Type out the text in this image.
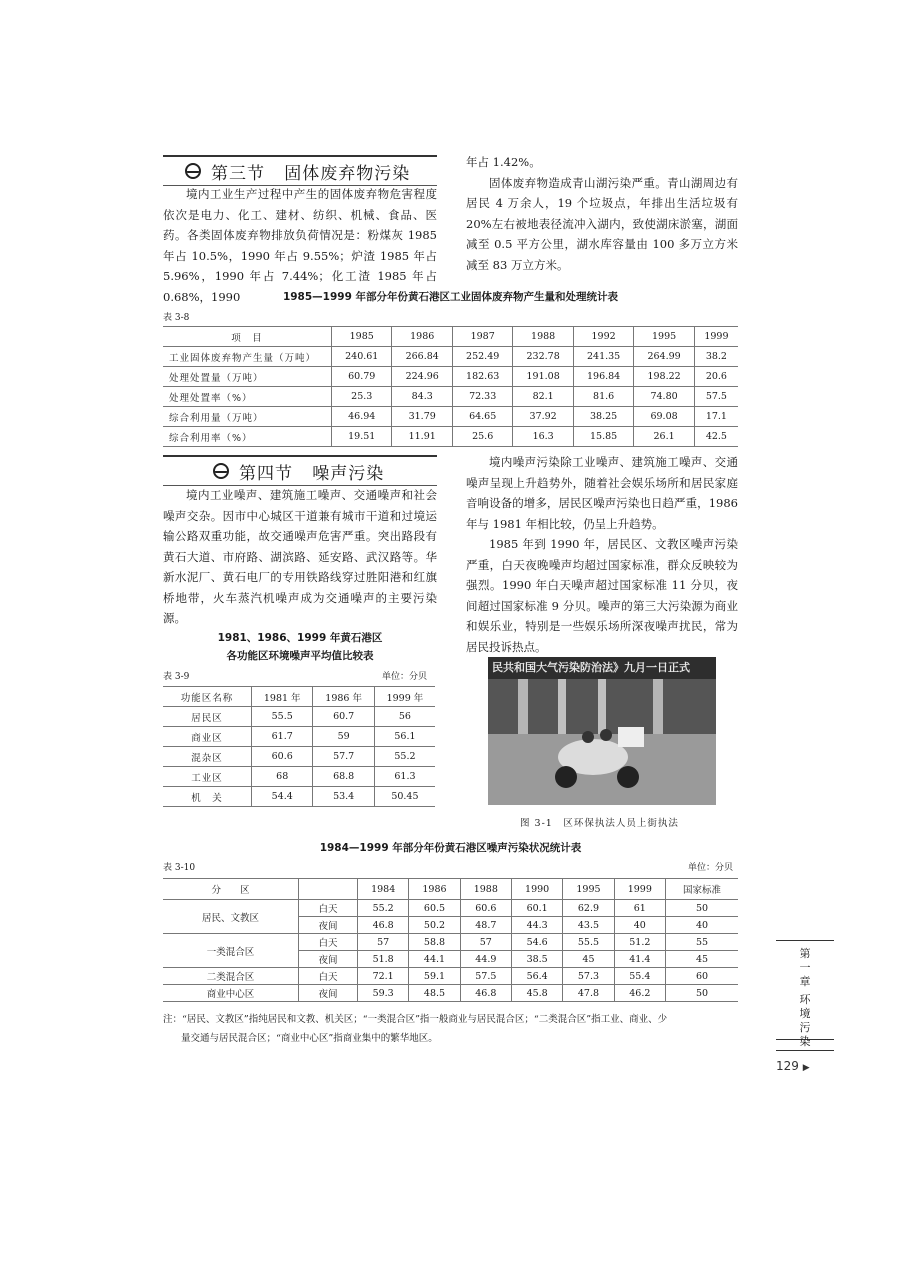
第三节   固体废弃物污染

境内工业生产过程中产生的固体废弃物危害程度依次是电力、化工、建材、纺织、机械、食品、医药。各类固体废弃物排放负荷情况是：粉煤灰 1985 年占 10.5%，1990 年占 9.55%；炉渣 1985 年占 5.96%，1990 年占 7.44%；化工渣 1985 年占 0.68%，1990

年占 1.42%。

固体废弃物造成青山湖污染严重。青山湖周边有居民 4 万余人，19 个垃圾点，年排出生活垃圾有 20%左右被地表径流冲入湖内，致使湖床淤塞，湖面减至 0.5 平方公里，湖水库容量由 100 多万立方米减至 83 万立方米。

1985—1999 年部分年份黄石港区工业固体废弃物产生量和处理统计表
表 3-8
项　目	1985	1986	1987	1988	1992	1995	1999
工业固体废弃物产生量（万吨）	240.61	266.84	252.49	232.78	241.35	264.99	38.2
处理处置量（万吨）	60.79	224.96	182.63	191.08	196.84	198.22	20.6
处理处置率（%）	25.3	84.3	72.33	82.1	81.6	74.80	57.5
综合利用量（万吨）	46.94	31.79	64.65	37.92	38.25	69.08	17.1
综合利用率（%）	19.51	11.91	25.6	16.3	15.85	26.1	42.5
第四节   噪声污染

境内工业噪声、建筑施工噪声、交通噪声和社会噪声交杂。因市中心城区干道兼有城市干道和过境运输公路双重功能，故交通噪声危害严重。突出路段有黄石大道、市府路、湖滨路、延安路、武汉路等。华新水泥厂、黄石电厂的专用铁路线穿过胜阳港和红旗桥地带，火车蒸汽机噪声成为交通噪声的主要污染源。

境内噪声污染除工业噪声、建筑施工噪声、交通噪声呈现上升趋势外，随着社会娱乐场所和居民家庭音响设备的增多，居民区噪声污染也日趋严重，1986 年与 1981 年相比较，仍呈上升趋势。

1985 年到 1990 年，居民区、文教区噪声污染严重，白天夜晚噪声均超过国家标准，群众反映较为强烈。1990 年白天噪声超过国家标准 11 分贝，夜间超过国家标准 9 分贝。噪声的第三大污染源为商业和娱乐业，特别是一些娱乐场所深夜噪声扰民，常为居民投诉热点。

1981、1986、1999 年黄石港区
各功能区环境噪声平均值比较表
表 3-9	单位：分贝
功能区名称	1981 年	1986 年	1999 年
居民区	55.5	60.7	56
商业区	61.7	59	56.1
混杂区	60.6	57.7	55.2
工业区	68	68.8	61.3
机　关	54.4	53.4	50.45
民共和国大气污染防治法》九月一日正式
图 3-1　区环保执法人员上街执法
1984—1999 年部分年份黄石港区噪声污染状况统计表
表 3-10	单位：分贝
分　　区		1984	1986	1988	1990	1995	1999	国家标准
居民、文教区	白天	55.2	60.5	60.6	60.1	62.9	61	50
	夜间	46.8	50.2	48.7	44.3	43.5	40	40
一类混合区	白天	57	58.8	57	54.6	55.5	51.2	55
	夜间	51.8	44.1	44.9	38.5	45	41.4	45
二类混合区	白天	72.1	59.1	57.5	56.4	57.3	55.4	60
商业中心区	夜间	59.3	48.5	46.8	45.8	47.8	46.2	50
注：“居民、文教区”指纯居民和文教、机关区；“一类混合区”指一般商业与居民混合区；“二类混合区”指工业、商业、少
量交通与居民混合区；“商业中心区”指商业集中的繁华地区。
第
一
章
环
境
污
染
129 ▶
